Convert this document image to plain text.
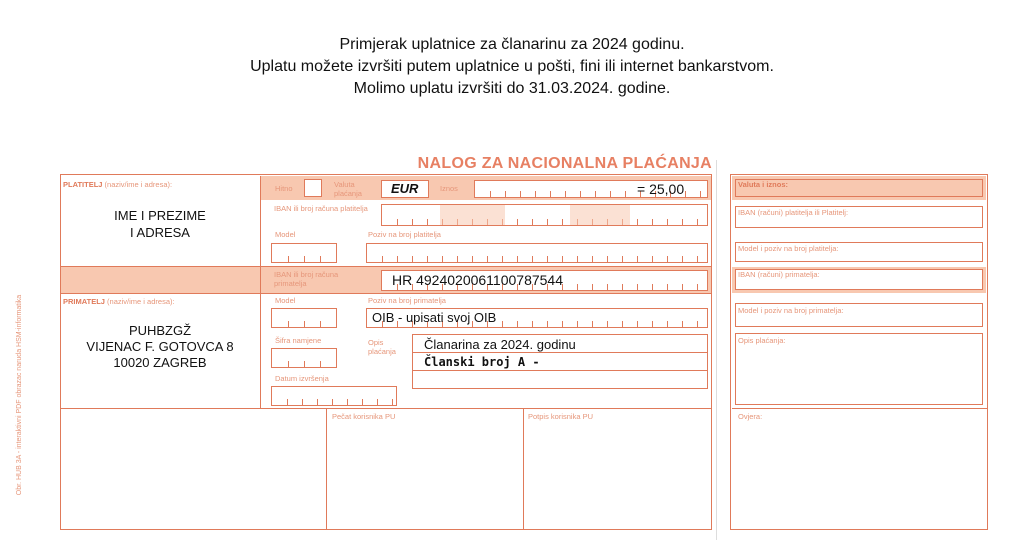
Primjerak uplatnice za članarinu za 2024 godinu.
Uplatu možete izvršiti putem uplatnice u pošti, fini ili internet bankarstvom.
Molimo uplatu izvršiti do 31.03.2024. godine.
Obr. HUB 3A - interaktivni PDF obrazac naruda HSM-informatika
NALOG ZA NACIONALNA PLAĆANJA
PLATITELJ (naziv/ime i adresa):
IME I PREZIME
I ADRESA
Hitno	Valuta plaćanja	EUR	Iznos	= 25,00
IBAN ili broj računa platitelja
Model	Poziv na broj platitelja
IBAN ili broj računa primatelja	HR 4924020061100787544
PRIMATELJ (naziv/ime i adresa):
PUHBZGŽ
VIJENAC F. GOTOVCA 8
10020 ZAGREB
Model	Poziv na broj primatelja
OIB - upisati svoj OIB
Šifra namjene	Opis plaćanja	Članarina za 2024. godinu
Članski broj A -
Datum izvršenja
Pečat korisnika PU	Potpis korisnika PU
Valuta i iznos:
IBAN (računi) platitelja ili Platitelj:
Model i poziv na broj platitelja:
IBAN (računi) primatelja:
Model i poziv na broj primatelja:
Opis plaćanja:
Ovjera:
